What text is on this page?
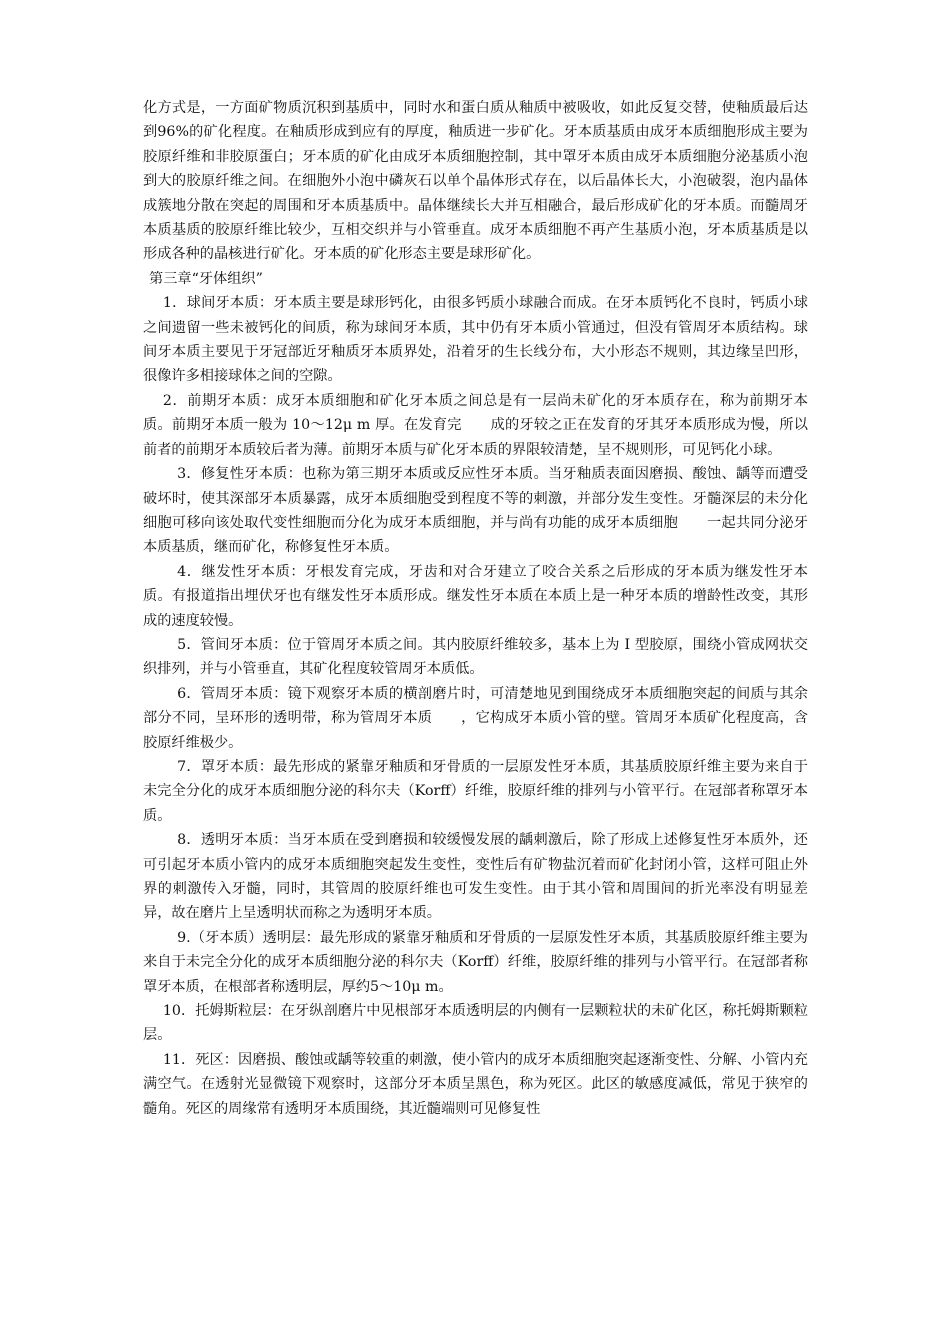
化方式是，一方面矿物质沉积到基质中，同时水和蛋白质从釉质中被吸收，如此反复交替，使釉质最后达到96%的矿化程度。在釉质形成到应有的厚度，釉质进一步矿化。牙本质基质由成牙本质细胞形成主要为胶原纤维和非胶原蛋白；牙本质的矿化由成牙本质细胞控制，其中罩牙本质由成牙本质细胞分泌基质小泡到大的胶原纤维之间。在细胞外小泡中磷灰石以单个晶体形式存在，以后晶体长大，小泡破裂，泡内晶体成簇地分散在突起的周围和牙本质基质中。晶体继续长大并互相融合，最后形成矿化的牙本质。而髓周牙本质基质的胶原纤维比较少，互相交织并与小管垂直。成牙本质细胞不再产生基质小泡，牙本质基质是以形成各种的晶核进行矿化。牙本质的矿化形态主要是球形矿化。

第三章“牙体组织”

1．球间牙本质：牙本质主要是球形钙化，由很多钙质小球融合而成。在牙本质钙化不良时，钙质小球之间遗留一些未被钙化的间质，称为球间牙本质，其中仍有牙本质小管通过，但没有管周牙本质结构。球间牙本质主要见于牙冠部近牙釉质牙本质界处，沿着牙的生长线分布，大小形态不规则，其边缘呈凹形，很像许多相接球体之间的空隙。

2．前期牙本质：成牙本质细胞和矿化牙本质之间总是有一层尚未矿化的牙本质存在，称为前期牙本质。前期牙本质一般为 10～12μ m 厚。在发育完　　成的牙较之正在发育的牙其牙本质形成为慢，所以前者的前期牙本质较后者为薄。前期牙本质与矿化牙本质的界限较清楚，呈不规则形，可见钙化小球。

3．修复性牙本质：也称为第三期牙本质或反应性牙本质。当牙釉质表面因磨损、酸蚀、龋等而遭受破坏时，使其深部牙本质暴露，成牙本质细胞受到程度不等的刺激，并部分发生变性。牙髓深层的未分化细胞可移向该处取代变性细胞而分化为成牙本质细胞，并与尚有功能的成牙本质细胞　　一起共同分泌牙本质基质，继而矿化，称修复性牙本质。

4．继发性牙本质：牙根发育完成，牙齿和对合牙建立了咬合关系之后形成的牙本质为继发性牙本质。有报道指出埋伏牙也有继发性牙本质形成。继发性牙本质在本质上是一种牙本质的增龄性改变，其形成的速度较慢。

5．管间牙本质：位于管周牙本质之间。其内胶原纤维较多，基本上为 I 型胶原，围绕小管成网状交织排列，并与小管垂直，其矿化程度较管周牙本质低。

6．管周牙本质：镜下观察牙本质的横剖磨片时，可清楚地见到围绕成牙本质细胞突起的间质与其余部分不同，呈环形的透明带，称为管周牙本质　　，它构成牙本质小管的壁。管周牙本质矿化程度高，含胶原纤维极少。

7．罩牙本质：最先形成的紧靠牙釉质和牙骨质的一层原发性牙本质，其基质胶原纤维主要为来自于未完全分化的成牙本质细胞分泌的科尔夫（Korff）纤维，胶原纤维的排列与小管平行。在冠部者称罩牙本质。

8．透明牙本质：当牙本质在受到磨损和较缓慢发展的龋刺激后，除了形成上述修复性牙本质外，还可引起牙本质小管内的成牙本质细胞突起发生变性，变性后有矿物盐沉着而矿化封闭小管，这样可阻止外界的刺激传入牙髓，同时，其管周的胶原纤维也可发生变性。由于其小管和周围间的折光率没有明显差异，故在磨片上呈透明状而称之为透明牙本质。

9.（牙本质）透明层：最先形成的紧靠牙釉质和牙骨质的一层原发性牙本质，其基质胶原纤维主要为来自于未完全分化的成牙本质细胞分泌的科尔夫（Korff）纤维，胶原纤维的排列与小管平行。在冠部者称罩牙本质，在根部者称透明层，厚约5～10μ m。

10．托姆斯粒层：在牙纵剖磨片中见根部牙本质透明层的内侧有一层颗粒状的未矿化区，称托姆斯颗粒层。

11．死区：因磨损、酸蚀或龋等较重的刺激，使小管内的成牙本质细胞突起逐渐变性、分解、小管内充满空气。在透射光显微镜下观察时，这部分牙本质呈黑色，称为死区。此区的敏感度减低，常见于狭窄的髓角。死区的周缘常有透明牙本质围绕，其近髓端则可见修复性
